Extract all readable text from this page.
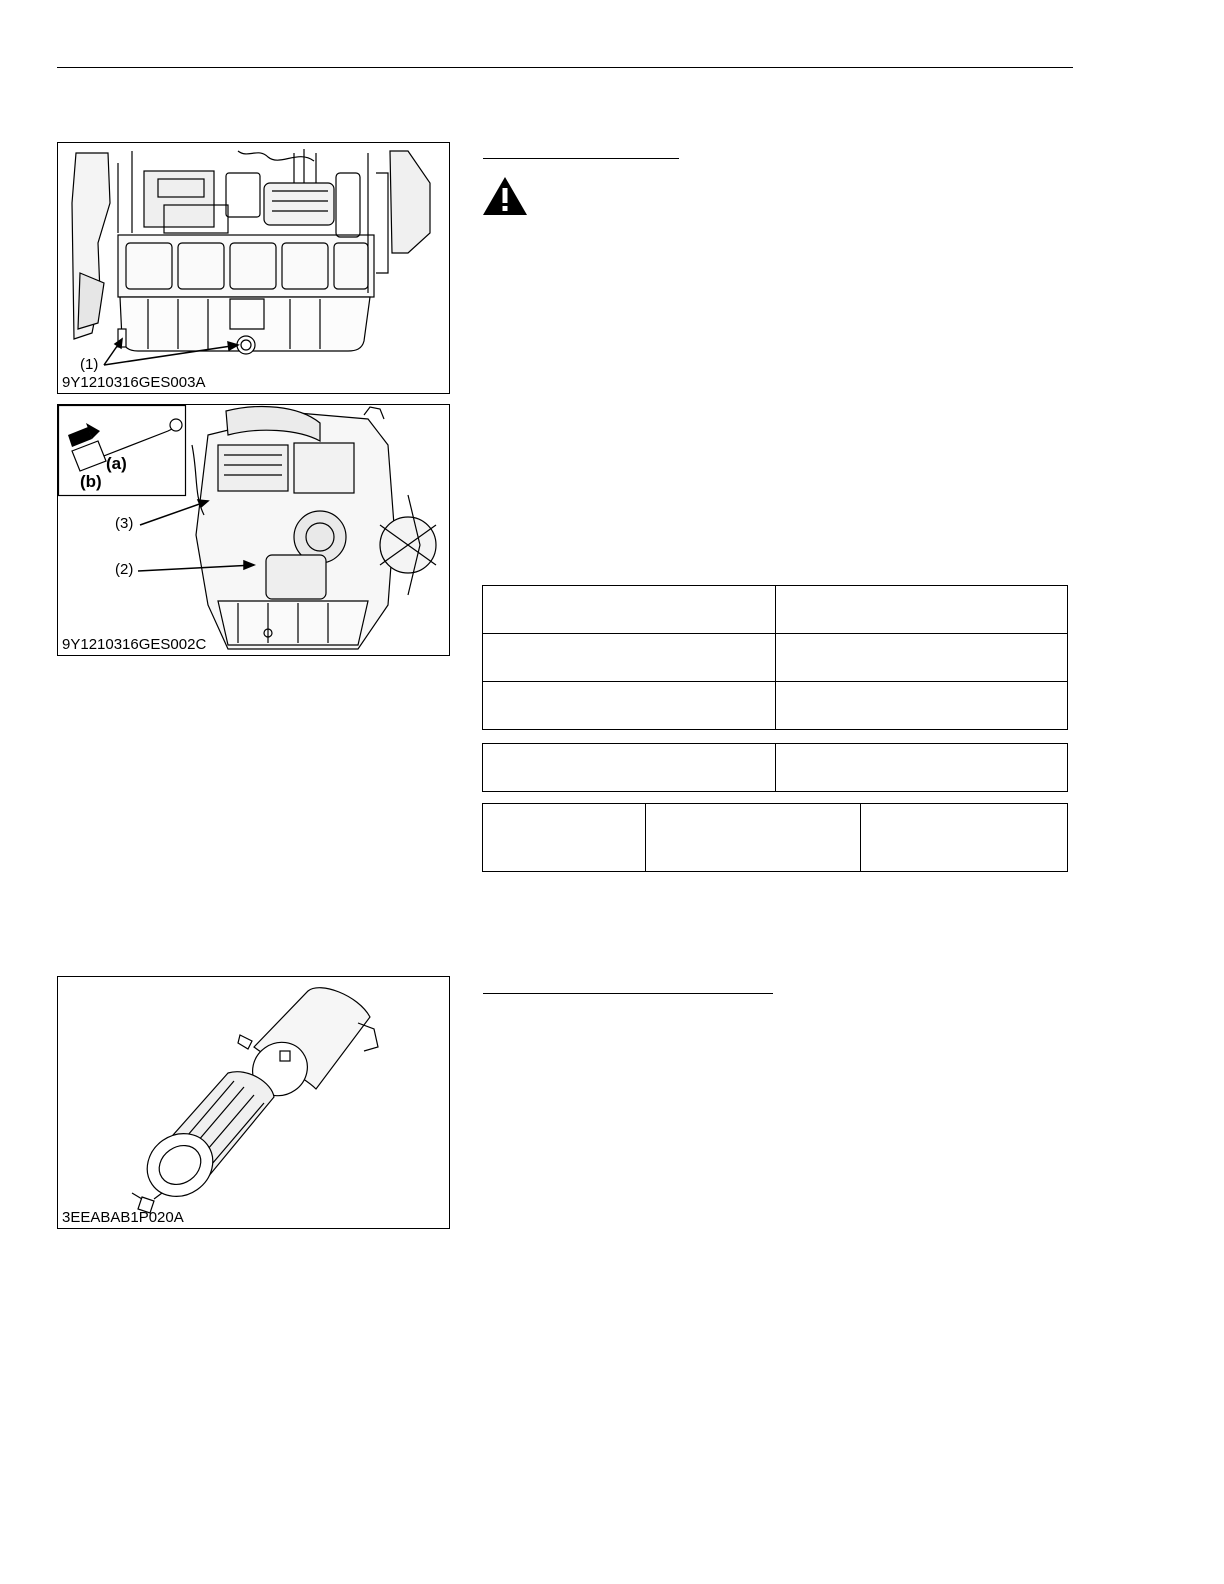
(1)
9Y1210316GES003A
(a)
(b)
(3)
(2)
9Y1210316GES002C
3EEABAB1P020A
